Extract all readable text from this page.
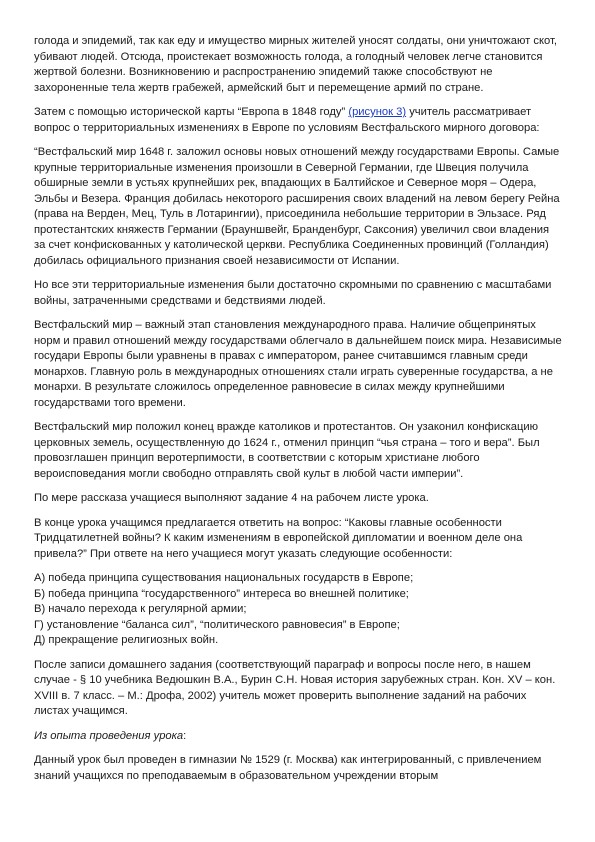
голода и эпидемий, так как еду и имущество мирных жителей уносят солдаты, они уничтожают скот, убивают людей. Отсюда, проистекает возможность голода, а голодный человек легче становится жертвой болезни. Возникновению и распространению эпидемий также способствуют не захороненные тела жертв грабежей, армейский быт и перемещение армий по стране.

Затем с помощью исторической карты “Европа в 1848 году” (рисунок 3) учитель рассматривает вопрос о территориальных изменениях в Европе по условиям Вестфальского мирного договора:

“Вестфальский мир 1648 г. заложил основы новых отношений между государствами Европы. Самые крупные территориальные изменения произошли в Северной Германии, где Швеция получила обширные земли в устьях крупнейших рек, впадающих в Балтийское и Северное моря – Одера, Эльбы и Везера. Франция добилась некоторого расширения своих владений на левом берегу Рейна (права на Верден, Мец, Туль в Лотарингии), присоединила небольшие территории в Эльзасе. Ряд протестантских княжеств Германии (Брауншвейг, Бранденбург, Саксония) увеличил свои владения за счет конфискованных у католической церкви. Республика Соединенных провинций (Голландия) добилась официального признания своей независимости от Испании.

Но все эти территориальные изменения были достаточно скромными по сравнению с масштабами войны, затраченными средствами и бедствиями людей.

Вестфальский мир – важный этап становления международного права. Наличие общепринятых норм и правил отношений между государствами облегчало в дальнейшем поиск мира. Независимые государи Европы были уравнены в правах с императором, ранее считавшимся главным среди монархов. Главную роль в международных отношениях стали играть суверенные государства, а не монархи. В результате сложилось определенное равновесие в силах между крупнейшими государствами того времени.

Вестфальский мир положил конец вражде католиков и протестантов. Он узаконил конфискацию церковных земель, осуществленную до 1624 г., отменил принцип “чья страна – того и вера”. Был провозглашен принцип веротерпимости, в соответствии с которым христиане любого вероисповедания могли свободно отправлять свой культ в любой части империи”.

По мере рассказа учащиеся выполняют задание 4 на рабочем листе урока.

В конце урока учащимся предлагается ответить на вопрос: “Каковы главные особенности Тридцатилетней войны? К каким изменениям в европейской дипломатии и военном деле она привела?” При ответе на него учащиеся могут указать следующие особенности:

А) победа принципа существования национальных государств в Европе;

Б) победа принципа “государственного” интереса во внешней политике;

В) начало перехода к регулярной армии;

Г) установление “баланса сил”, “политического равновесия” в Европе;

Д) прекращение религиозных войн.

После записи домашнего задания (соответствующий параграф и вопросы после него, в нашем случае - § 10 учебника Ведюшкин В.А., Бурин С.Н. Новая история зарубежных стран. Кон. XV – кон. XVIII в. 7 класс. – М.: Дрофа, 2002) учитель может проверить выполнение заданий на рабочих листах учащимся.

Из опыта проведения урока:

Данный урок был проведен в гимназии № 1529 (г. Москва) как интегрированный, с привлечением знаний учащихся по преподаваемым в образовательном учреждении вторым
